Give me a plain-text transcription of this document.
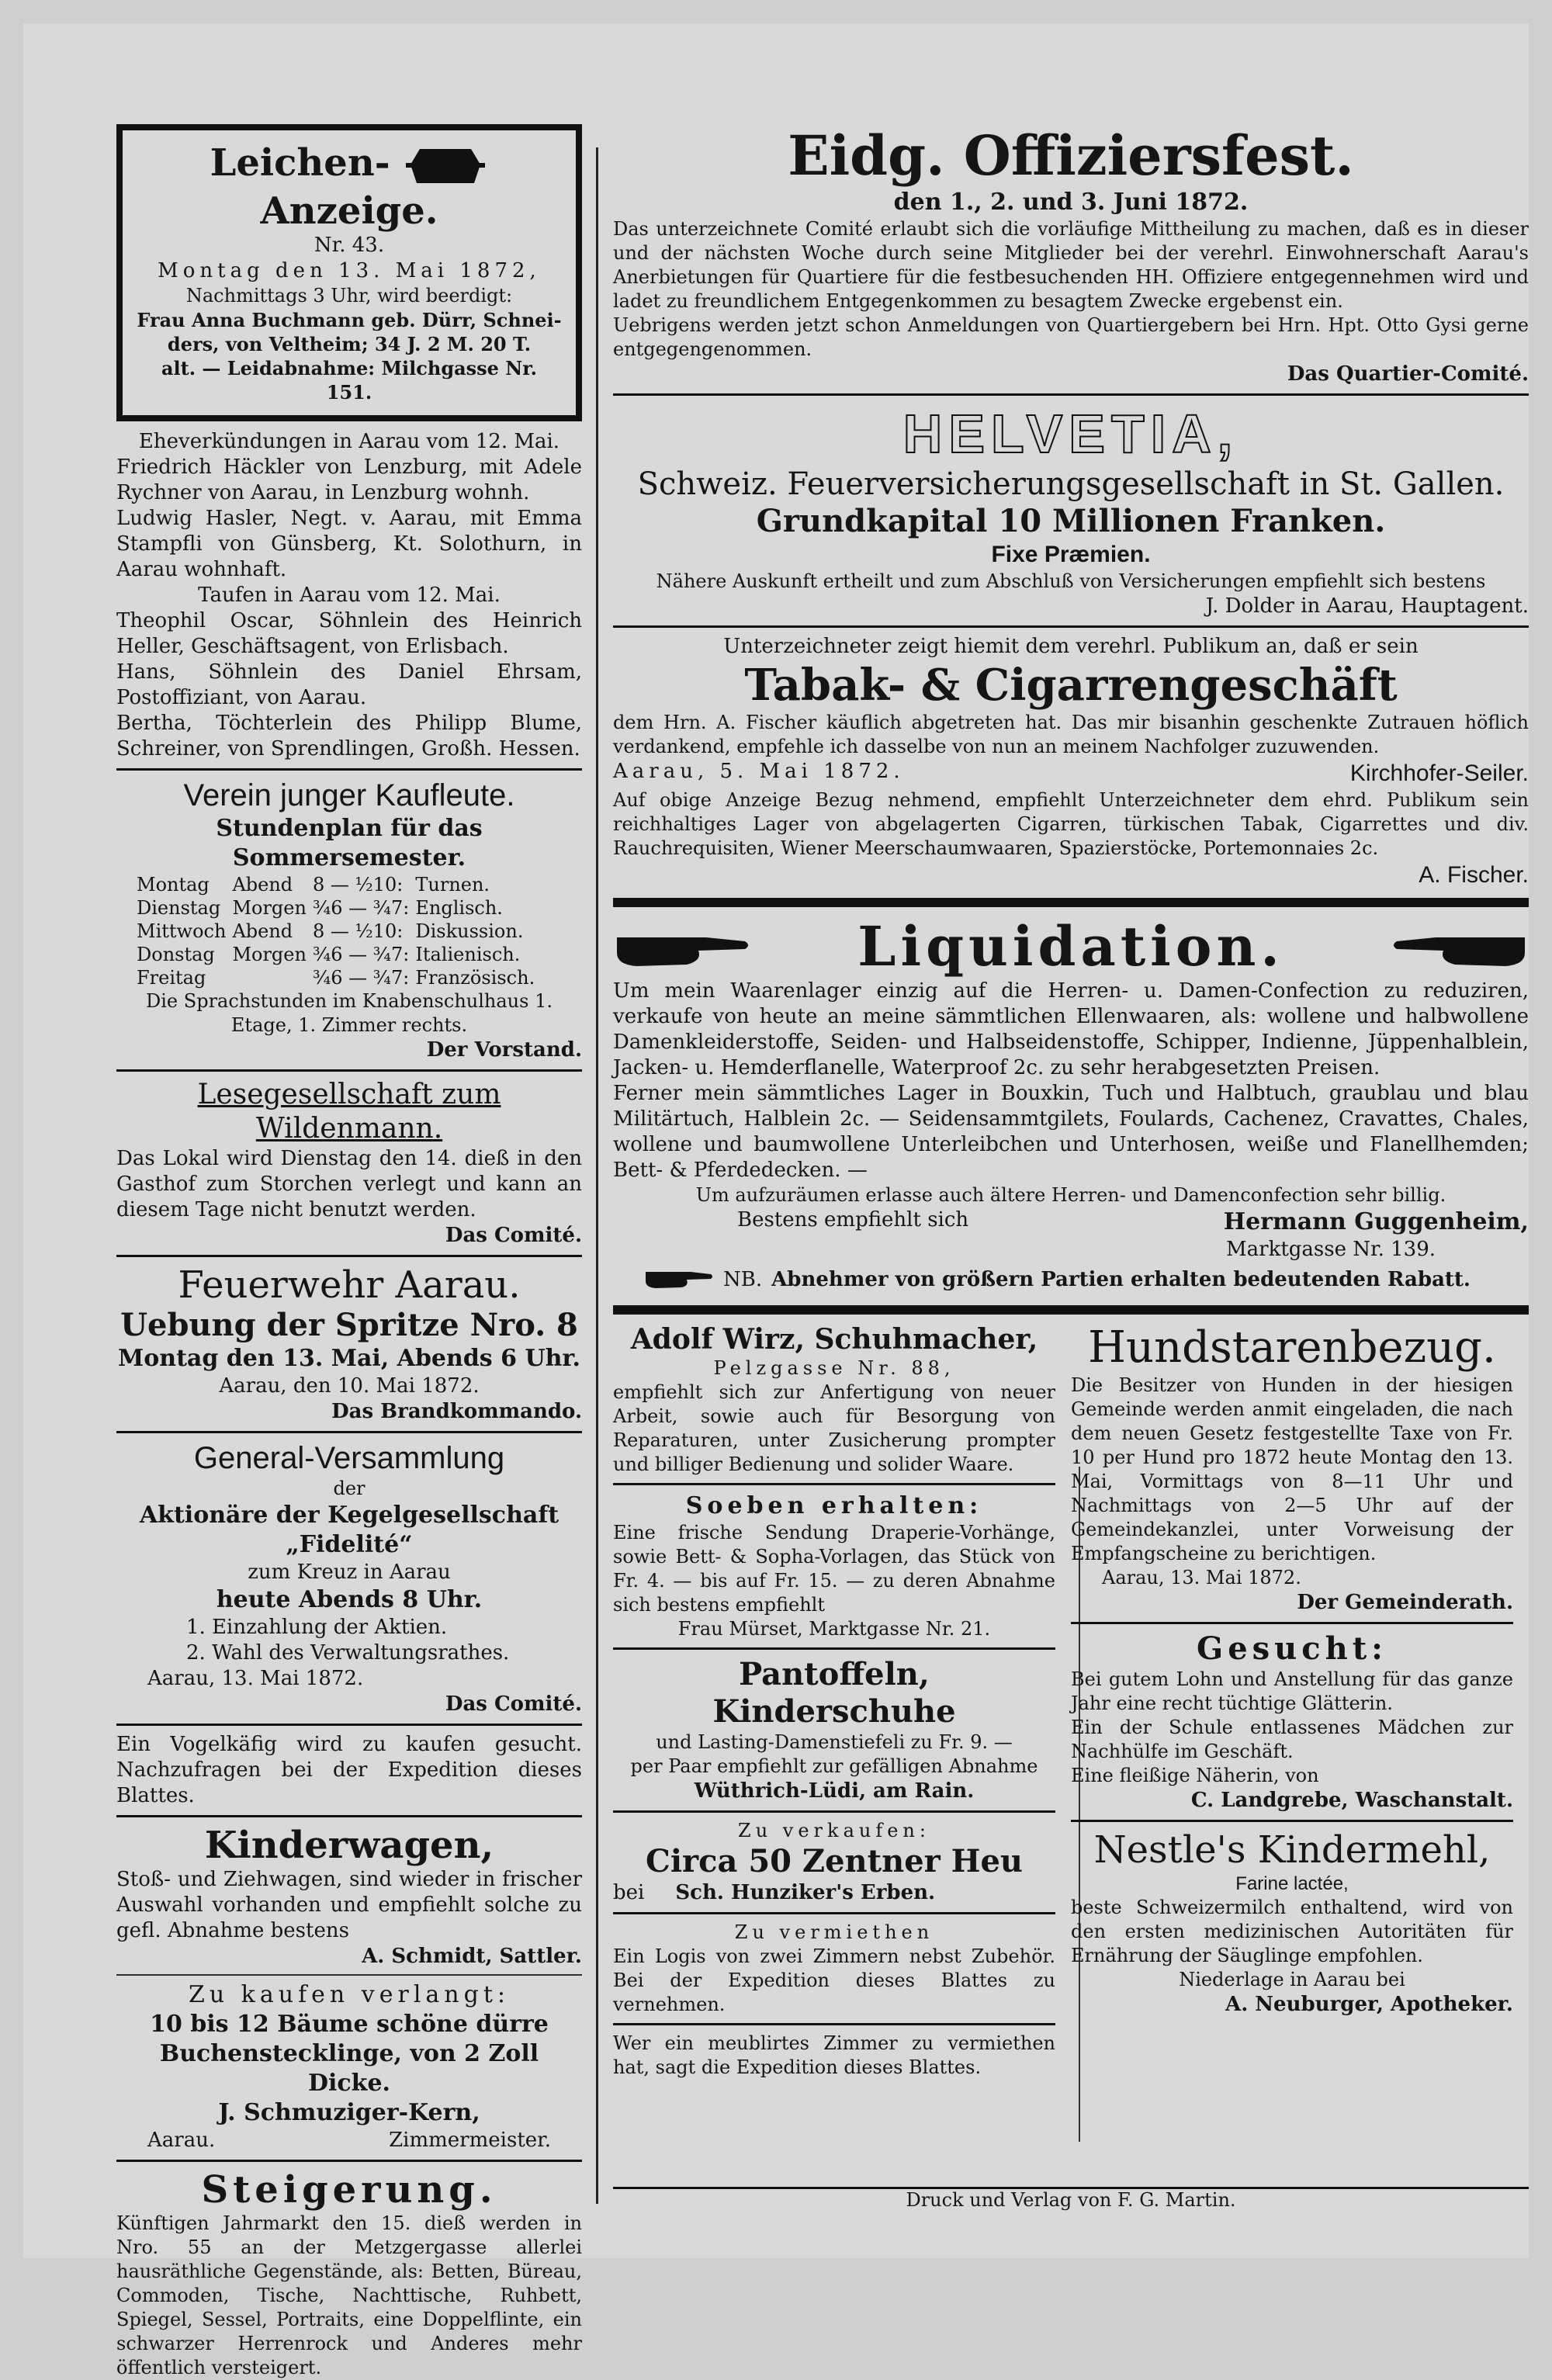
Leichen-  Anzeige.

Nr. 43.

Montag den 13. Mai 1872,

Nachmittags 3 Uhr, wird beerdigt:

Frau Anna Buchmann geb. Dürr, Schnei-

ders, von Veltheim; 34 J. 2 M. 20 T.

alt. — Leidabnahme: Milchgasse Nr. 151.

Eheverkündungen in Aarau vom 12. Mai.

Friedrich Häckler von Lenzburg, mit Adele Rychner von Aarau, in Lenzburg wohnh.

Ludwig Hasler, Negt. v. Aarau, mit Emma Stampfli von Günsberg, Kt. Solothurn, in Aarau wohnhaft.

Taufen in Aarau vom 12. Mai.

Theophil Oscar, Söhnlein des Heinrich Heller, Geschäftsagent, von Erlisbach.

Hans, Söhnlein des Daniel Ehrsam, Postoffiziant, von Aarau.

Bertha, Töchterlein des Philipp Blume, Schreiner, von Sprendlingen, Großh. Hessen.

Verein junger Kaufleute.

Stundenplan für das Sommersemester.

Montag	Abend	8 — ½10:	Turnen.
Dienstag	Morgen	¾6 — ¾7:	Englisch.
Mittwoch	Abend	8 — ½10:	Diskussion.
Donstag	Morgen	¾6 — ¾7:	Italienisch.
Freitag		¾6 — ¾7:	Französisch.

Die Sprachstunden im Knabenschulhaus 1. Etage, 1. Zimmer rechts.

Der Vorstand.

Lesegesellschaft zum Wildenmann.

Das Lokal wird Dienstag den 14. dieß in den Gasthof zum Storchen verlegt und kann an diesem Tage nicht benutzt werden.

Das Comité.

Feuerwehr Aarau.

Uebung der Spritze Nro. 8

Montag den 13. Mai, Abends 6 Uhr.

Aarau, den 10. Mai 1872.

Das Brandkommando.

General-Versammlung

der

Aktionäre der Kegelgesellschaft „Fidelité“

zum Kreuz in Aarau

heute Abends 8 Uhr.

1. Einzahlung der Aktien.

2. Wahl des Verwaltungsrathes.

Aarau, 13. Mai 1872.

Das Comité.

Ein Vogelkäfig wird zu kaufen gesucht. Nachzufragen bei der Expedition dieses Blattes.

Kinderwagen,

Stoß- und Ziehwagen, sind wieder in frischer Auswahl vorhanden und empfiehlt solche zu gefl. Abnahme bestens

A. Schmidt, Sattler.

Zu kaufen verlangt:

10 bis 12 Bäume schöne dürre

Buchenstecklinge, von 2 Zoll Dicke.

J. Schmuziger-Kern,

Aarau.	Zimmermeister.

Steigerung.

Künftigen Jahrmarkt den 15. dieß werden in Nro. 55 an der Metzgergasse allerlei hausräthliche Gegenstände, als: Betten, Büreau, Commoden, Tische, Nachttische, Ruhbett, Spiegel, Sessel, Portraits, eine Doppelflinte, ein schwarzer Herrenrock und Anderes mehr öffentlich versteigert.

Eidg. Offiziersfest.

den 1., 2. und 3. Juni 1872.

Das unterzeichnete Comité erlaubt sich die vorläufige Mittheilung zu machen, daß es in dieser und der nächsten Woche durch seine Mitglieder bei der verehrl. Einwohnerschaft Aarau's Anerbietungen für Quartiere für die festbesuchenden HH. Offiziere entgegennehmen wird und ladet zu freundlichem Entgegenkommen zu besagtem Zwecke ergebenst ein.

Uebrigens werden jetzt schon Anmeldungen von Quartiergebern bei Hrn. Hpt. Otto Gysi gerne entgegengenommen.

Das Quartier-Comité.

HELVETIA,

Schweiz. Feuerversicherungsgesellschaft in St. Gallen.

Grundkapital 10 Millionen Franken.

Fixe Præmien.

Nähere Auskunft ertheilt und zum Abschluß von Versicherungen empfiehlt sich bestens

J. Dolder in Aarau, Hauptagent.

Unterzeichneter zeigt hiemit dem verehrl. Publikum an, daß er sein

Tabak- & Cigarrengeschäft

dem Hrn. A. Fischer käuflich abgetreten hat. Das mir bisanhin geschenkte Zutrauen höflich verdankend, empfehle ich dasselbe von nun an meinem Nachfolger zuzuwenden.

Aarau, 5. Mai 1872.	Kirchhofer-Seiler.

Auf obige Anzeige Bezug nehmend, empfiehlt Unterzeichneter dem ehrd. Publikum sein reichhaltiges Lager von abgelagerten Cigarren, türkischen Tabak, Cigarrettes und div. Rauchrequisiten, Wiener Meerschaumwaaren, Spazierstöcke, Portemonnaies 2c.

A. Fischer.

Liquidation.

Um mein Waarenlager einzig auf die Herren- u. Damen-Confection zu reduziren, verkaufe von heute an meine sämmtlichen Ellenwaaren, als: wollene und halbwollene Damenkleiderstoffe, Seiden- und Halbseidenstoffe, Schipper, Indienne, Jüppenhalblein, Jacken- u. Hemderflanelle, Waterproof 2c. zu sehr herabgesetzten Preisen.

Ferner mein sämmtliches Lager in Bouxkin, Tuch und Halbtuch, graublau und blau Militärtuch, Halblein 2c. — Seidensammtgilets, Foulards, Cachenez, Cravattes, Chales, wollene und baumwollene Unterleibchen und Unterhosen, weiße und Flanellhemden; Bett- & Pferdedecken. —

Um aufzuräumen erlasse auch ältere Herren- und Damenconfection sehr billig.

Bestens empfiehlt sich	Hermann Guggenheim,

Marktgasse Nr. 139.

NB. Abnehmer von größern Partien erhalten bedeutenden Rabatt.

Adolf Wirz, Schuhmacher,

Pelzgasse Nr. 88,

empfiehlt sich zur Anfertigung von neuer Arbeit, sowie auch für Besorgung von Reparaturen, unter Zusicherung prompter und billiger Bedienung und solider Waare.

Soeben erhalten:

Eine frische Sendung Draperie-Vorhänge, sowie Bett- & Sopha-Vorlagen, das Stück von Fr. 4. — bis auf Fr. 15. — zu deren Abnahme sich bestens empfiehlt

Frau Mürset, Marktgasse Nr. 21.

Pantoffeln, Kinderschuhe

und Lasting-Damenstiefeli zu Fr. 9. —

per Paar empfiehlt zur gefälligen Abnahme

Wüthrich-Lüdi, am Rain.

Zu verkaufen:

Circa 50 Zentner Heu

bei Sch. Hunziker's Erben.

Zu vermiethen

Ein Logis von zwei Zimmern nebst Zubehör. Bei der Expedition dieses Blattes zu vernehmen.

Wer ein meublirtes Zimmer zu vermiethen hat, sagt die Expedition dieses Blattes.

Hundstarenbezug.

Die Besitzer von Hunden in der hiesigen Gemeinde werden anmit eingeladen, die nach dem neuen Gesetz festgestellte Taxe von Fr. 10 per Hund pro 1872 heute Montag den 13. Mai, Vormittags von 8—11 Uhr und Nachmittags von 2—5 Uhr auf der Gemeindekanzlei, unter Vorweisung der Empfangscheine zu berichtigen.

Aarau, 13. Mai 1872.

Der Gemeinderath.

Gesucht:

Bei gutem Lohn und Anstellung für das ganze Jahr eine recht tüchtige Glätterin.

Ein der Schule entlassenes Mädchen zur Nachhülfe im Geschäft.

Eine fleißige Näherin, von

C. Landgrebe, Waschanstalt.

Nestle's Kindermehl,

Farine lactée,

beste Schweizermilch enthaltend, wird von den ersten medizinischen Autoritäten für Ernährung der Säuglinge empfohlen.

Niederlage in Aarau bei

A. Neuburger, Apotheker.

Druck und Verlag von F. G. Martin.
